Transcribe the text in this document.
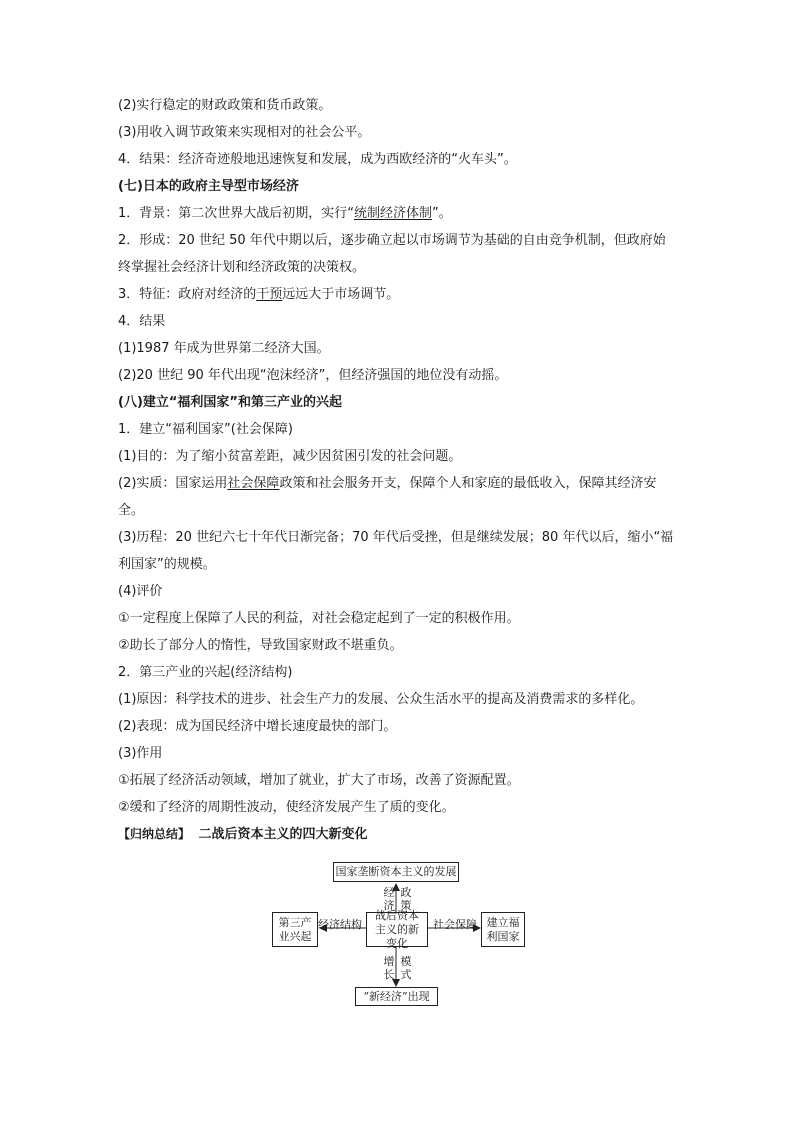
(2)实行稳定的财政政策和货币政策。
(3)用收入调节政策来实现相对的社会公平。
4．结果：经济奇迹般地迅速恢复和发展，成为西欧经济的“火车头”。
(七)日本的政府主导型市场经济
1．背景：第二次世界大战后初期，实行“统制经济体制”。
2．形成：20 世纪 50 年代中期以后，逐步确立起以市场调节为基础的自由竞争机制，但政府始终掌握社会经济计划和经济政策的决策权。
3．特征：政府对经济的干预远远大于市场调节。
4．结果
(1)1987 年成为世界第二经济大国。
(2)20 世纪 90 年代出现“泡沫经济”，但经济强国的地位没有动摇。
(八)建立“福利国家”和第三产业的兴起
1．建立“福利国家”(社会保障)
(1)目的：为了缩小贫富差距，减少因贫困引发的社会问题。
(2)实质：国家运用社会保障政策和社会服务开支，保障个人和家庭的最低收入，保障其经济安全。
(3)历程：20 世纪六七十年代日渐完备；70 年代后受挫，但是继续发展；80 年代以后，缩小“福利国家”的规模。
(4)评价
①一定程度上保障了人民的利益，对社会稳定起到了一定的积极作用。
②助长了部分人的惰性，导致国家财政不堪重负。
2．第三产业的兴起(经济结构)
(1)原因：科学技术的进步、社会生产力的发展、公众生活水平的提高及消费需求的多样化。
(2)表现：成为国民经济中增长速度最快的部门。
(3)作用
①拓展了经济活动领域，增加了就业，扩大了市场，改善了资源配置。
②缓和了经济的周期性波动，使经济发展产生了质的变化。
【归纳总结】 二战后资本主义的四大新变化
国家垄断资本主义的发展
战后资本主义的新变化
第三产业兴起
建立福利国家
“新经济”出现
经济
政策
经济结构	社会保障
增长
模式
